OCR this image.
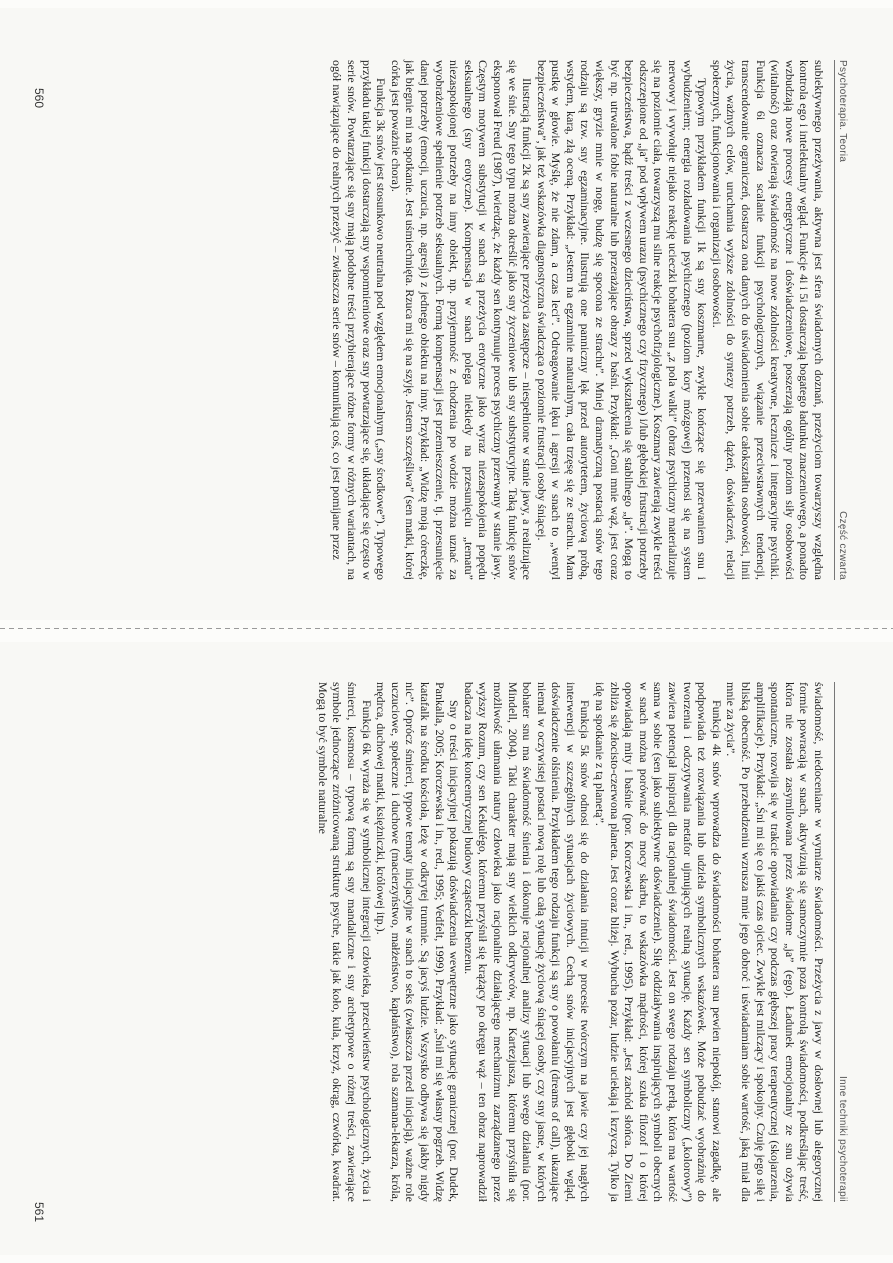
Psychoterapia. Teoria
Część czwarta

subiektywnego przeżywania, aktywna jest sfera świadomych doznań, przeżyciom towarzyszy względna kontrola ego i intelektualny wgląd. Funkcje 4i i 5i dostarczają bogatego ładunku znaczeniowego, a ponadto wzbudzają nowe procesy energetyczne i doświadczeniowe, poszerzają ogólny poziom siły osobowości (witalność) oraz otwierają świadomość na nowe zdolności kreatywne, lecznicze i integracyjne psychiki. Funkcja 6i oznacza scalanie funkcji psychologicznych, wiązanie przeciwstawnych tendencji, transcendowanie ograniczeń, dostarcza ona danych do uświadomienia sobie całokształtu osobowości, linii życia, ważnych celów, uruchamia wyższe zdolności do syntezy potrzeb, dążeń, doświadczeń, relacji społecznych, funkcjonowania i organizacji osobowości.

Typowym przykładem funkcji 1k są sny koszmarne, zwykle kończące się przerwaniem snu i wybudzeniem; energia rozładowania psychicznego (poziom kory mózgowej) przenosi się na system nerwowy i wywołuje niejako reakcję ucieczki bohatera snu „z pola walki” (obraz psychiczny materializuje się na poziomie ciała, towarzyszą mu silne reakcje psychofizjologiczne). Koszmary zawierają zwykle treści odszczepione od „ja” pod wpływem urazu (psychicznego czy fizycznego) i/lub głębokiej frustracji potrzeby bezpieczeństwa, bądź treści z wczesnego dzieciństwa, sprzed wykształcenia się stabilnego „ja”. Mogą to być np. utrwalone fobie naturalne lub przerażające obrazy z baśni. Przykład: „Goni mnie wąż, jest coraz większy, gryzie mnie w nogę, budzę się spocona ze strachu”. Mniej dramatyczną postacią snów tego rodzaju są tzw. sny egzaminacyjne. Ilustrują one panniczny lęk przed autorytetem, życiową próbą, wstydem, karą, złą oceną. Przykład: „Jestem na egzaminie maturalnym, cała trzęsę się ze strachu. Mam pustkę w głowie. Myślę, że nie zdam, a czas leci”. Odreagowanie lęku i agresji w snach to „wentyl bezpieczeństwa”, jak też wskazówka diagnostyczna świadcząca o poziomie frustracji osoby śniącej.

Ilustracją funkcji 2k są sny zawierające przeżycia zastępcze – niespełnione w stanie jawy, a realizujące się we śnie. Sny tego typu można określić jako sny życzeniowe lub sny substytucyjne. Taką funkcję snów eksponował Freud (1987), twierdząc, że każdy sen kontynuuje proces psychiczny przerwany w stanie jawy. Częstym motywem substytucji w snach są przeżycia erotyczne jako wyraz niezaspokojenia popędu seksualnego (sny erotyczne). Kompensacja w snach polega niekiedy na przesunięciu „tematu” niezaspokojonej potrzeby na inny obiekt, np. przyjemność z chodzenia po wodzie można uznać za wyobrażeniowe spełnienie potrzeb seksualnych. Formą kompensacji jest przemieszczenie, tj. przesunięcie danej potrzeby (emocji, uczucia, np. agresji) z jednego obiektu na inny. Przykład: „Widzę moją córeczkę, jak biegnie mi na spotkanie. Jest uśmiechnięta. Rzuca mi się na szyję. Jestem szczęśliwa” (sen matki, której córka jest poważnie chora).

Funkcja 3k snów jest stosunkowo neutralna pod względem emocjonalnym („sny środkowe”). Typowego przykładu takiej funkcji dostarczają sny wspomnieniowe oraz sny powtarzające się, układające się często w serie snów. Powtarzające się sny mają podobne treści przybierające różne formy w różnych wariantach, na ogół nawiązujące do realnych przeżyć – zwłaszcza serie snów – komunikują coś, co jest pomijane przez

560
Inne techniki psychoterapii

świadomość, niedoceniane w wymiarze świadomości. Przeżycia z jawy w dosłownej lub alegorycznej formie powracają w snach, aktywizują się samoczynnie poza kontrolą świadomości, podkreślając treść, która nie została zasymilowana przez świadome „ja” (ego). Ładunek emocjonalny ze snu ożywia spontaniczne, rozwija się w trakcie opowiadania czy podczas głębszej pracy terapeutycznej (skojarzenia, amplifikacje). Przykład: „Śni mi się co jakiś czas ojciec. Zwykle jest milczący i spokojny. Czuję jego siłę i bliską obecność. Po przebudzeniu wzrusza mnie jego dobroć i uświadamiam sobie wartość, jaką miał dla mnie za życia”.

Funkcja 4k snów wprowadza do świadomości bohatera snu pewien niepokój, stanowi zagadkę, ale podpowiada też rozwiązania lub udziela symbolicznych wskazówek. Może pobudzać wyobraźnię do tworzenia i odczytywania metafor ujmujących realną sytuację. Każdy sen symboliczny („kolorowy”) zawiera potencjał inspiracji dla racjonalnej świadomości. Jest on swego rodzaju perłą, która ma wartość sama w sobie (sen jako subiektywne doświadczenie). Siłę oddziaływania inspirujących symboli obecnych w snach można porównać do mocy skarbu, to wskazówka mądrości, której szuka filozof i o której opowiadają mity i baśnie (por. Korczewska i in., red., 1995). Przykład: „Jest zachód słońca. Do Ziemi zbliża się złocisto-czerwona planeta. Jest coraz bliżej. Wybucha pożar, ludzie uciekają i krzyczą. Tylko ja idę na spotkanie z tą planetą”.

Funkcja 5k snów odnosi się do działania intuicji w procesie twórczym na jawie czy jej nagłych interwencji w szczególnych sytuacjach życiowych. Cechą snów inicjacyjnych jest głęboki wgląd, doświadczenie olśnienia. Przykładem tego rodzaju funkcji są sny o powołaniu (dreams of call), ukazujące niemal w oczywistej postaci nową rolę lub całą sytuację życiową śniącej osoby, czy sny jasne, w których bohater snu ma świadomość śnienia i dokonuje racjonalnej analizy sytuacji lub swego działania (por. Mindell, 2004). Taki charakter mają sny wielkich odkrywców, np. Kartezjusza, któremu przyśniła się możliwość ułamania natury człowieka jako racjonalnie działającego mechanizmu zarządzanego przez wyższy Rozum, czy sen Kekulégo, któremu przyśnił się krążący po okręgu wąż – ten obraz naprowadził badacza na ideę koncentrycznej budowy cząsteczki benzenu.

Sny o treści inicjacyjnej pokazują doświadczenia wewnętrzne jako sytuację granicznej (por. Dudek, Pankalla, 2005; Korczewska i in., red., 1995; Vedfelt, 1999). Przykład: „Śnił mi się własny pogrzeb. Widzę katafalk na środku kościoła, leżę w odkrytej trumnie. Są jacyś ludzie. Wszystko odbywa się jakby nigdy nic”. Oprócz śmierci, typowe tematy inicjacyjne w snach to seks (zwłaszcza przed inicjacją), ważne role uczuciowe, społeczne i duchowe (macierzyństwo, małżeństwo, kapłaństwo), rola szamana-lekarza, króla, mędrca, duchowej matki, księżniczki, królowej itp.).

Funkcja 6k wyraża się w symbolicznej integracji człowieka, przeciwieństw psychologicznych, życia i śmierci, kosmosu – typową formą są sny mandaliczne i sny archetypowe o różnej treści, zawierające symbole jednoczące zróżnicowaną strukturę psyche, takie jak koło, kula, krzyż, okrąg, czwórka, kwadrat. Mogą to być symbole naturalne

561
